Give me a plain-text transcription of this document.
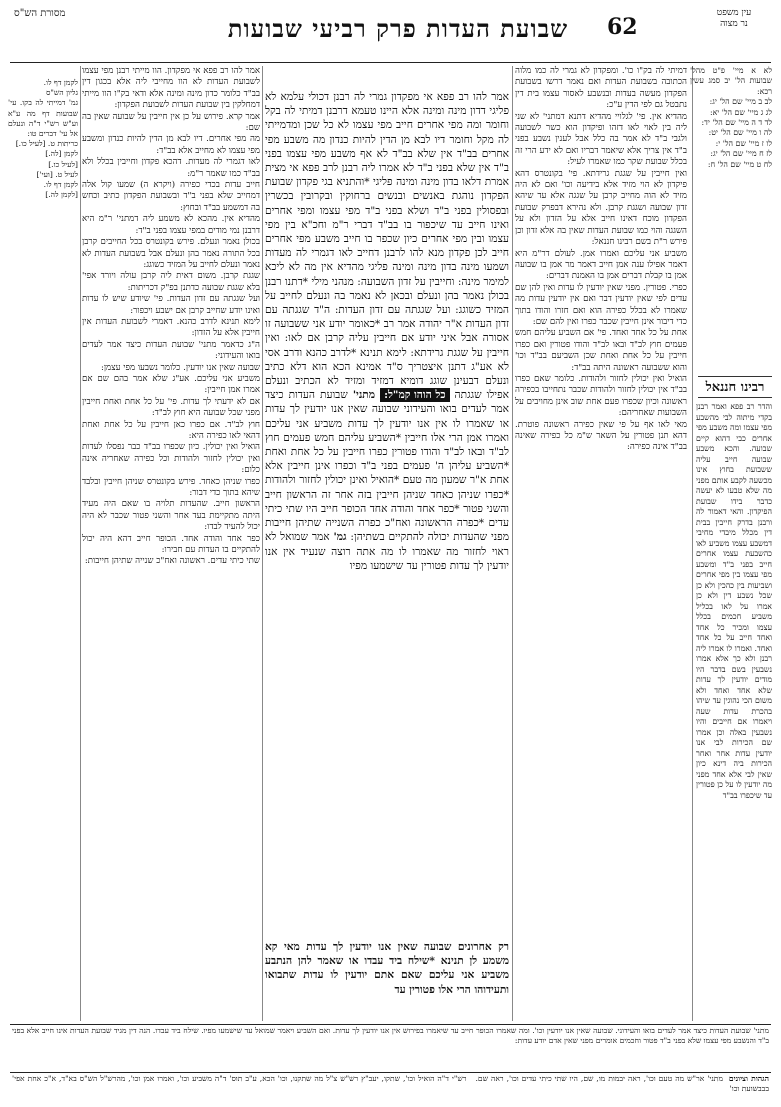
עין משפט
נר מצוה
שבועת העדות פרק רביעי שבועות	62
מסורת הש"ס
לא א מיי' פ"ט מהל' שבועות הל' יב סמג עשין רכא:
לב ב מיי' שם הל' יג:
לג ג מיי' שם הל' יא:
לד ד ה מיי' שם הל' יד:
לה ו מיי' שם הל' יט:
לו ז מיי' שם הל' י:
לז ח מיי' שם הל' יג:
לח ט מיי' שם הל' ח:
רבינו חננאל
והדר רב פפא ואמר רבנן בקדי מיתוה לבי מהשבע מפי עצמו ומה משבע מפי אחרים כבי דהוא קיים שבועה. והכא משבע שבועה חייב עליה ששבועת בחוץ אינו מכשעה לקבע אותם מפני מה שלא טבעו לא יעשה כדבר בידו שבועת הפיקדון. והאי דאמור לה ורבנן בדרק חייבין בבית דין מכלל מיבדי מחיבי דמשבע עצמו משביע לאו כהשבעת עצמו אחרים חייב בפני ב"ד ומשבע מפי עצמו בין מפי אחרים ושביעות בין כהכין ולא כן שכל נשבע דין ולא כן אמרו על לאו בכליל משביע חכמים בכלל עצמו ומכיר כל אחד ואחד חייב על כל אחד ואחד. ואמרו לו אמרו ליה רבנן ולא כך אלא אמרו נשבעין בשם בדבר היו מודים יודעין לך עדות שלא אחד ואחד ולא משום הכי נהוגין עד שיהו בהכרת עדות שעה ויאמרו אם חייבים והיו נשבעין באלה וכן אמרו שם הכירות לבי אנו יודעין עדות אחר ואחר הכירות ביה דינא כיון שאין לבי אלא אחד מפני מה יודעין לו על כן פטורין עד שיכפרו בב"ד
דמיתי לה בק"ו כו'. ומפקדון לא גמרי לה כמו מלוה הכתובה בשבועת העדות ואם נאמר דרשו בשבועת הפקדון מעשה בעדות ובנשבע לאסור עצמו בית דין נתבטל גם לפי הדין ע"כ:
מהדיא אין. פי' לגלויי מהדיא דתנא דמתני' לא שני ליה בין לאוי לאו דזהו ופיקדון הוא כשר לשבועה ולגבי ב"ד לא אמר בה כלל אבל לענין נשבע בפני ב"ד אין צריך אלא שיאמר דבריו ואם לא ידע הרי זה בכלל שבועת שקר כמו שאמרו לעיל:
ואין חייבין על שגגת גרידתא. פי' בקונטרס דהא פיקדון לא הוי מזיד אלא בידיעה וכו' ואם לא היה מזיד לא הוה מחייב קרבן על שגגה אלא עד שיהא זדון שבועה ושגגת קרבן. ולא נהירא דבפרק שבועת הפקדון מוכח דאינו חייב אלא על הזדון ולא על השגגה והוי כמו שבועת העדות שאין בה אלא זדון וכן פירש ר"ת בשם רבינו חננאל:
משביע אני עליכם ואמרו אמן. לעולם דר"מ היא דאמר אפילו ענה אמן חייב דאמר מר אמן בו שבועה אמן בו קבלת דברים אמן בו האמנת דברים:
כפרי. פטורין. מפני שאין יודעין לו עדות ואין להן שם עדים לפי שאין יודעין דבר ואם אין יודעין עדות מה שאמרו לא בכלל כפירה הוא ואם חזרו והודו בתוך כדי דיבור אינן חייבין שכבר כפרו ואין להם שם:
אחת על כל אחד ואחד. פי' אם השביע עליהם חמש פעמים חוץ לב"ד ובאו לב"ד והודו פטורין ואם כפרו חייבין על כל אחת ואחת שכן השביעם בב"ד וכו' והוא ששבועה ראשונה היתה בב"ד:
הואיל ואין יכולין לחזור ולהודות. כלומר שאם כפרו בב"ד אין יכולין לחזור ולהודות שכבר נתחייבו בכפירה ראשונה וכיון שכפרו פעם אחת שוב אינן מחויבים על השבועות שאחריהם:
מאי לאו אף על פי שאין כפירה ראשונה פוטרת. דהא תנן פטורין על השאר ש"מ כל כפירה שאינה בב"ד אינה כפירה:
אמר להו רב פפא אי מפקדון גמרי לה רבנן דכולי עלמא לא פליגי דדון מינה ומינה אלא היינו טעמא דרבנן דמיתי לה בקל וחומר ומה מפי אחרים חייב מפי עצמו לא כל שכן ומדמייתי לה מקל וחומר דיו לבא מן הדין להיות כנדון מה משבע מפי אחרים בב"ד אין שלא בב"ד לא אף משבע מפי עצמו בפני ב"ד אין שלא בפני ב"ד לא אמרו ליה רבנן לרב פפא אי מצית אמרת דלאו בדון מינה ומינה פליגי *והתניא בגי פקדון שבועת הפקדון נוהגת באנשים ובנשים ברחוקין ובקרובין בכשרין ובפסולין בפני ב"ד ושלא בפני ב"ד מפי עצמו ומפי אחרים ואינו חייב עד שיכפור בו בב"ד דברי ר"מ וחכ"א בין מפי עצמו ובין מפי אחרים כיון שכפר בו חייב משבע מפי אחרים חייב לכן פקדון מנא להו לרבנן דחייב לאו דגמרי לה מעדות ושמעו מינה בדון מינה ומינה פליגי מהדיא אין מה לא ליכא למימר מינה: וחייבין על זדון השבועה: מנהני מילי *דתנו רבנן בכולן נאמר בהן ונעלם ובכאן לא נאמר בה ונעלם לחייב על המזיד כשוגג: ועל שגגתה עם זדון העדות: ה"ד שגגתה עם זדון העדות א"ר יהודה אמר רב *כאומר יודע אני ששבועה זו אסורה אבל איני יודע אם חייבין עליה קרבן אם לאו: ואין חייבין על שגגת גרידתא: לימא תנינא *לדרב כהנא ודרב אסי לא אע"ג דתנן איצטריך ס"ד אמינא הכא הוא דלא כתיב ונעלם דבעינן שוגג דומיא דמזיד ומזיד לא הכתיב ונעלם אפילו שגגתה כל הוהו קמ"ל: מתני' שבועת העדות כיצד אמר לעדים בואו והעידוני שבועה שאין אנו יודעין לך עדות או שאמרו לו אין אנו יודעין לך עדות משביע אני עליכם ואמרו אמן הרי אלו חייבין *השביע עליהם חמש פעמים חוץ לב"ד ובאו לב"ד והודו פטורין כפרו חייבין על כל אחת ואחת *השביע עליהן ה' פעמים בפני ב"ד וכפרו אינן חייבין אלא אחת א"ר שמעון מה טעם *הואיל ואינן יכולין לחזור ולהודות *כפרו שניהן כאחד שניהן חייבין בזה אחר זה הראשון חייב והשני פטור *כפר אחד והודה אחד הכופר חייב היו שתי כיתי עדים *כפרה הראשונה ואח"כ כפרה השנייה שתיהן חייבות מפני שהעדות יכולה להתקיים בשתיהן: גמ' אמר שמואל לא ראוי לחזור מה שאמרו לו מה אתה רוצה שנעיד אין אנו יודעין לך עדות פטורין עד שישמעו מפיו
רק אחרונים שבועה שאין אנו יודעין לך עדות מאי קא משמע לן תנינא *שילח ביד עבדו או שאמר להן הנתבע משביע אני עליכם שאם אתם יודעין לו עדות שתבואו ותעידוהו הרי אלו פטורין עד
אמר להו רב פפא אי מפקדון. הוו מייתי רבנן מפי עצמו לשבועת העדות לא הוו מחייבי ליה אלא בכגון דין בב"ד כלומר כדון מינה ומינה אלא ודאי בק"ו הוו מייתי דמחלקין בין שבועת העדות לשבועת הפקדון:
אמר קרא. פירוש על כן אין חייבין על שבועה שאין בה שם:
מה מפי אחרים. דיו לבא מן הדין להיות כנדון ומשבע מפי עצמו לא מחייב אלא בב"ד:
לאו דגמרי לה מעדות. דהכא פקדון וחייבין בכלל ולא בב"ד כמו שאמר ר"מ:
חייב עדות בכדי כפירה (ויקרא ה) שמעו קול אלה דמחייב שלא בפני ב"ד ובשבועת הפקדון כתיב וכחש בה דמשמע בב"ד ובחוץ:
מהדיא אין. מהכא לא משמע ליה דמתני' ר"מ היא דרבנן נמי מודים במפי עצמו בפני ב"ד:
בכולן נאמר ונעלם. פירש בקונטרס בכל החייבים קרבן בכל התורה נאמר בהן ונעלם אבל בשבועת העדות לא נאמר ונעלם לחייב על המזיד כשוגג:
שגגת קרבן. משום דאית ליה קרבן עולה ויורד אפי' בלא שגגת שבועה כדתנן בפ"ק דכריתות:
ועל שגגתה עם זדון העדות. פי' שיודע שיש לו עדות ואינו יודע שחייב קרבן אם ישבע ויכפור:
לימא תנינא לדרב כהנא. דאמרי לשבועת העדות אין חייבין אלא על הזדון:
ה"ג כדאמר מתני' שבועת העדות כיצד אמר לעדים בואו והעידוני:
שבועה שאין אנו יודעין. כלומר נשבעו מפי עצמן:
משביע אני עליכם. אע"ג שלא אמר בהם שם אם אמרו אמן חייבין:
אם לא ידעתי לך עדות. פי' על כל אחת ואחת חייבין מפני שכל שבועה היא חוץ לב"ד:
חוץ לב"ד. אם כפרו כאן חייבין על כל אחת ואחת דהאי לאו כפירה היא:
הואיל ואין יכולין. כיון שכפרו בב"ד כבר נפסלו לעדות ואין יכולין לחזור ולהודות וכל כפירה שאחריה אינה כלום:
כפרו שניהן כאחד. פירש בקונטרס שניהן חייבין ובלבד שיהא בתוך כדי דבור:
הראשון חייב. שהעדות תלויה בו שאם היה מעיד היתה מתקיימת בעד אחר והשני פטור שכבר לא היה יכול להעיד לבדו:
כפר אחד והודה אחד. הכופר חייב דהא היה יכול להתקיים בו העדות עם חבירו:
שתי כיתי עדים. ראשונה ואח"כ שנייה שתיהן חייבות:
לקמן דף לו.
גליון הש"ס
גמ' דמייתי לה בקו. עי' שבועות דף מה ע"א וע"ש רש"י ד"ה ונעלם אל עי' דברים טו:
כריתות ט. [לעיל כו.]
לקמן [לה.]
[לעיל כו.]
לעיל ט. [ועי']
לקמן דף לו.
[לקמן לה.]
מתני' שבועת העדות כיצד אמר לעדים בואו והעידוני. שבועה שאין אנו יודעין וכו'. ומה שאמרו הכופר חייב עד שיאמרו בפירוש אין אנו יודעין לך עדות. ואם השביע ויאמר שמואל עד שישמעו מפיו. שילח ביד עבדו. הנה דין מגיד שבועת העדות אינו חייב אלא בפני ב"ד והנשבע מפי עצמו שלא בפני ב"ד פטור וחכמים אומרים מפני שאין אדם יודע עדות:
הגהות וציונים  מתני' אר"ש מה טעם וכו', ראה יבמות מו, שם, היו שתי כיתי עדים וכו', ראה שם.   רש"י ד"ה הואיל וכו', שתקו, יעב"ץ רש"ש צ"ל מה שתקנו, וכו' הכא, ע"ב תוס' ד"ה משביע וכו', ואמרו אמן וכו', מהרש"ל הש"ס בא"ד, א"כ אחת אפי' בבבשועת וכו'
